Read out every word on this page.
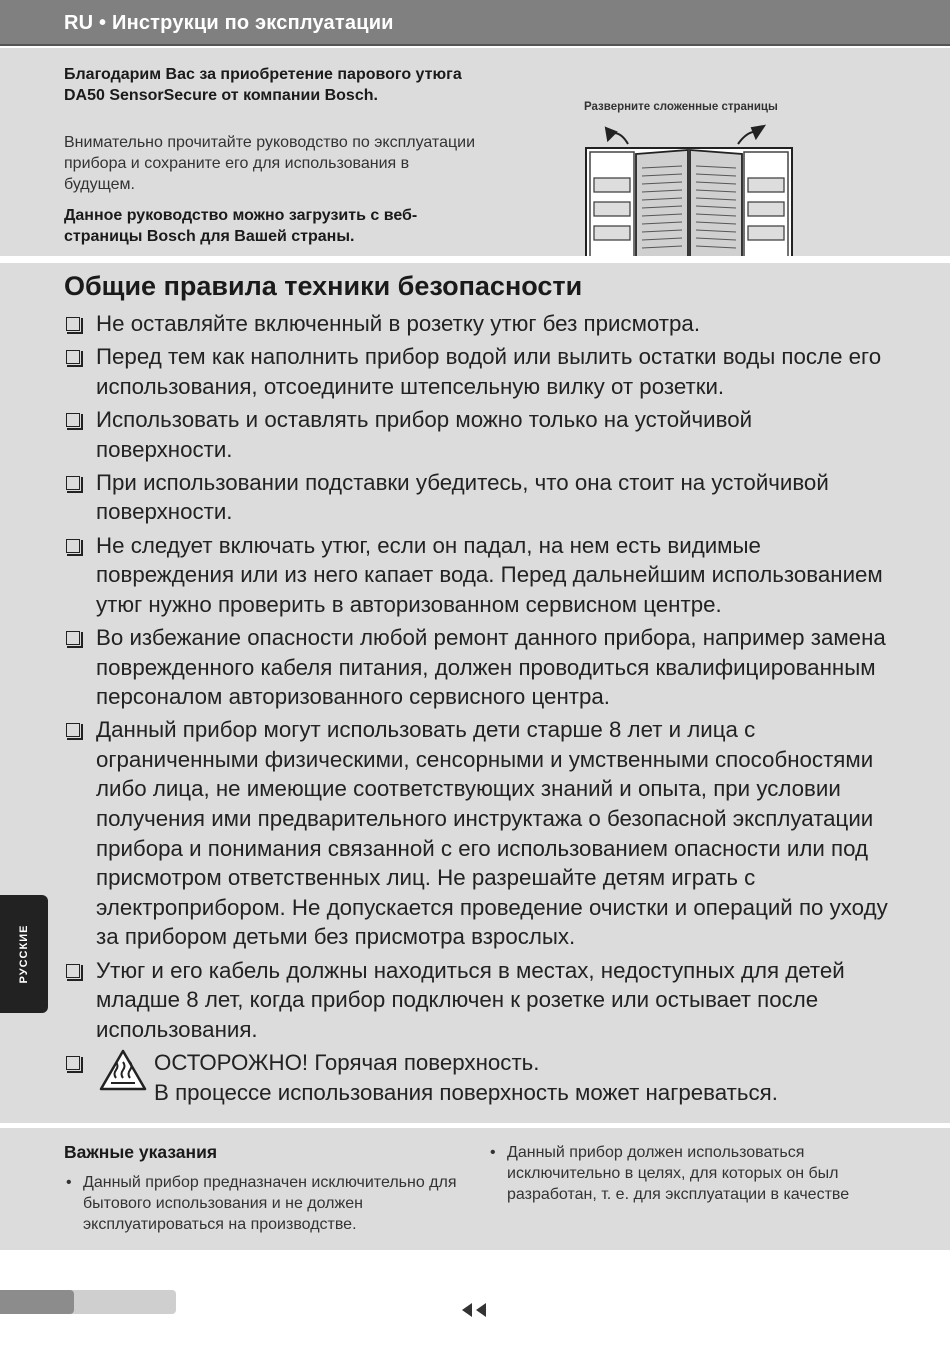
RU • Инструкци по эксплуатации
Благодарим Вас за приобретение парового утюга DA50 SensorSecure от компании Bosch.
Внимательно прочитайте руководство по эксплуатации прибора и сохраните его для использования в будущем.
Данное руководство можно загрузить с веб-страницы Bosch для Вашей страны.
Разверните сложенные страницы
Общие правила техники безопасности
Не оставляйте включенный в розетку утюг без присмотра.
Перед тем как наполнить прибор водой или вылить остатки воды после его использования, отсоедините штепсельную вилку от розетки.
Использовать и оставлять прибор можно только на устойчивой поверхности.
При использовании подставки убедитесь, что она стоит на устойчивой поверхности.
Не следует включать утюг, если он падал, на нем есть видимые повреждения или из него капает вода. Перед дальнейшим использованием утюг нужно проверить в авторизованном сервисном центре.
Во избежание опасности любой ремонт данного прибора, например замена поврежденного кабеля питания, должен проводиться квалифицированным персоналом авторизованного сервисного центра.
Данный прибор могут использовать дети старше 8 лет и лица с ограниченными физическими, сенсорными и умственными способностями либо лица, не имеющие соответствующих знаний и опыта, при условии получения ими предварительного инструктажа о безопасной эксплуатации прибора и понимания связанной с его использованием опасности или под присмотром ответственных лиц. Не разрешайте детям играть с электроприбором. Не допускается проведение очистки и операций по уходу за прибором детьми без присмотра взрослых.
Утюг и его кабель должны находиться в местах, недоступных для детей младше 8 лет, когда прибор подключен к розетке или остывает после использования.
ОСТОРОЖНО! Горячая поверхность.
В процессе использования поверхность может нагреваться.
Важные указания
• Данный прибор предназначен исключительно для бытового использования и не должен эксплуатироваться на производстве.
• Данный прибор должен использоваться исключительно в целях, для которых он был разработан, т. е. для эксплуатации в качестве
РУССКИЕ
